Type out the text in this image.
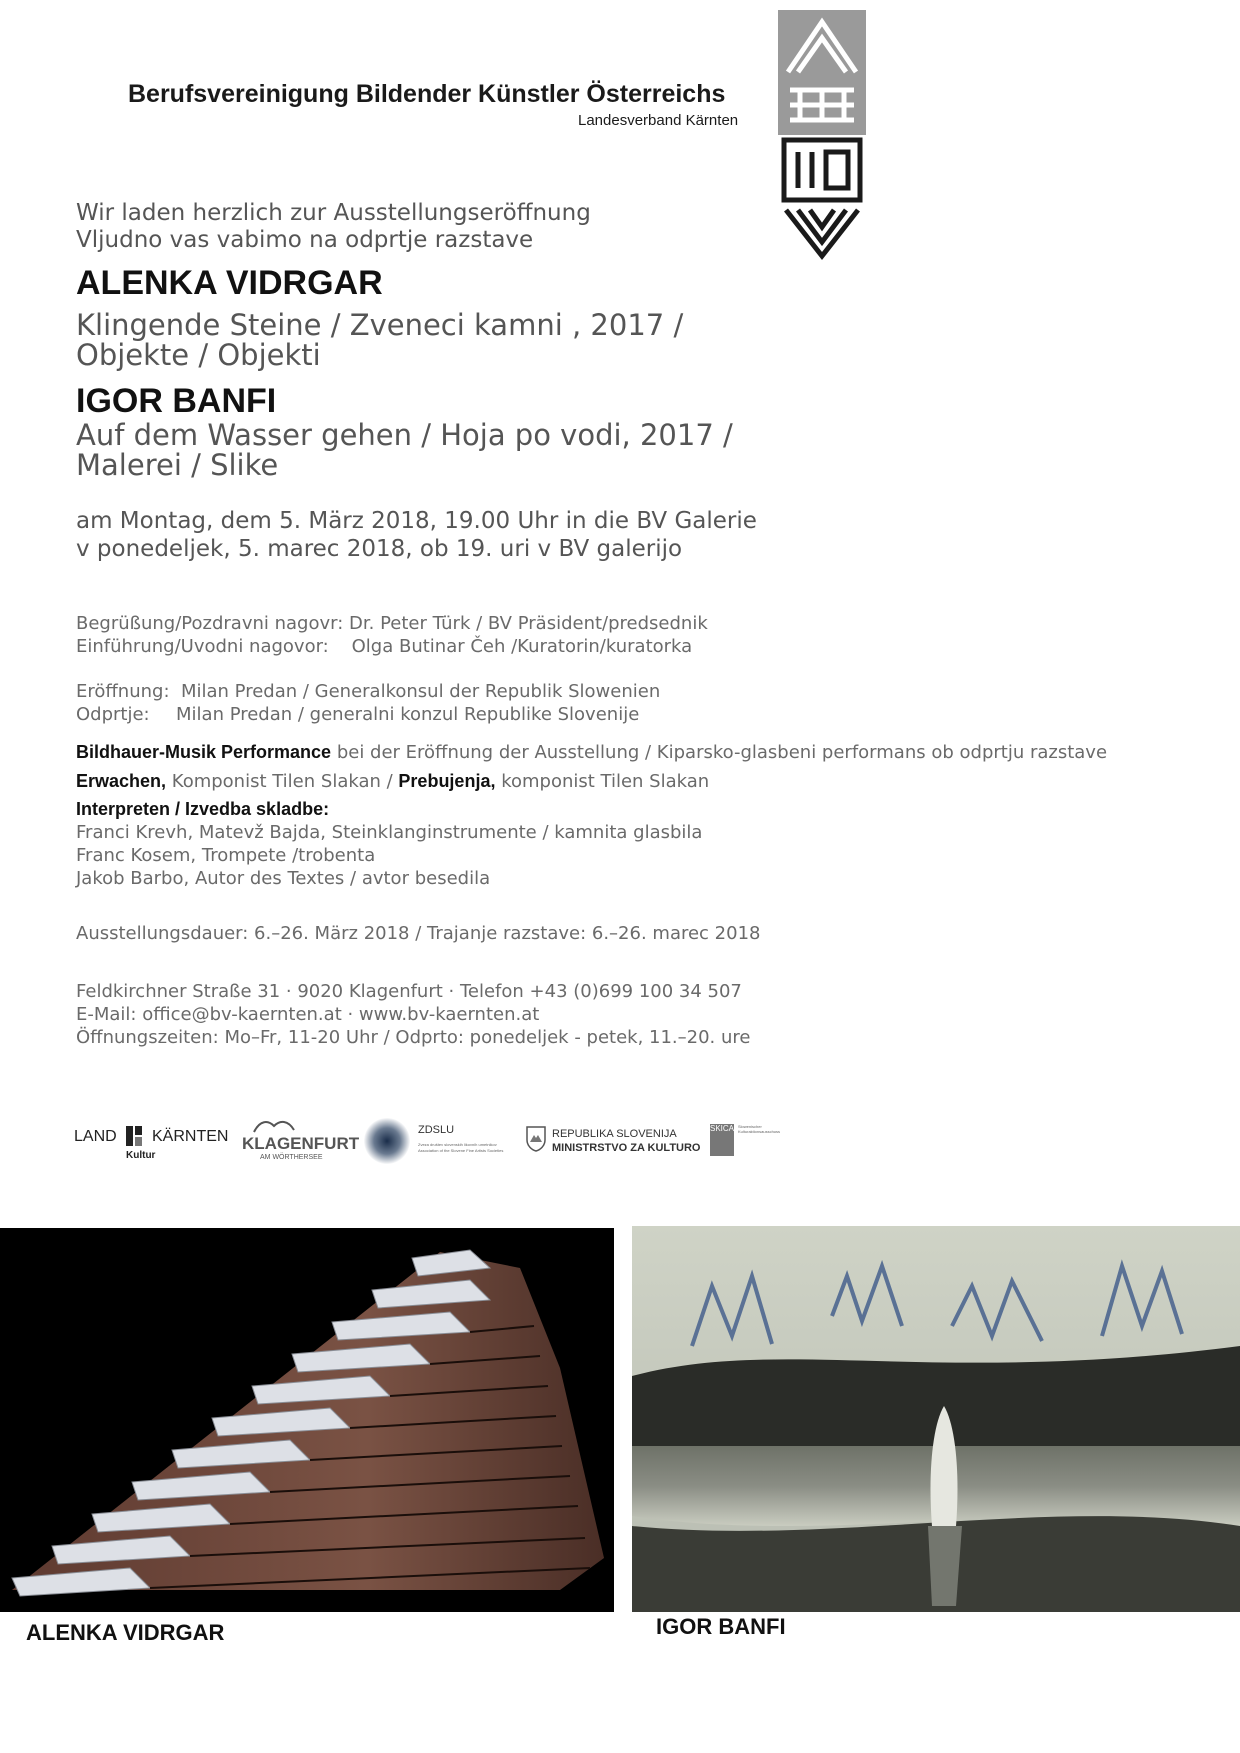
Berufsvereinigung Bildender Künstler Österreichs
Landesverband Kärnten
Wir laden herzlich zur Ausstellungseröffnung
Vljudno vas vabimo na odprtje razstave
ALENKA VIDRGAR
Klingende Steine / Zveneci kamni , 2017 /
Objekte / Objekti
IGOR BANFI
Auf dem Wasser gehen / Hoja po vodi, 2017 /
Malerei / Slike
am Montag, dem 5. März 2018, 19.00 Uhr in die BV Galerie
v ponedeljek, 5. marec 2018, ob 19. uri v BV galerijo
Begrüßung/Pozdravni nagovr: Dr. Peter Türk / BV Präsident/predsednik
Einführung/Uvodni nagovor: Olga Butinar Čeh /Kuratorin/kuratorka
Eröffnung: Milan Predan / Generalkonsul der Republik Slowenien
Odprtje: Milan Predan / generalni konzul Republike Slovenije
Bildhauer-Musik Performance bei der Eröffnung der Ausstellung / Kiparsko-glasbeni performans ob odprtju razstave
Erwachen, Komponist Tilen Slakan / Prebujenja, komponist Tilen Slakan
Interpreten / Izvedba skladbe:
Franci Krevh, Matevž Bajda, Steinklanginstrumente / kamnita glasbila
Franc Kosem, Trompete /trobenta
Jakob Barbo, Autor des Textes / avtor besedila
Ausstellungsdauer: 6.–26. März 2018 / Trajanje razstave: 6.–26. marec 2018
Feldkirchner Straße 31 · 9020 Klagenfurt · Telefon +43 (0)699 100 34 507
E-Mail: office@bv-kaernten.at · www.bv-kaernten.at
Öffnungszeiten: Mo–Fr, 11-20 Uhr / Odprto: ponedeljek - petek, 11.–20. ure
LAND KÄRNTEN
Kultur
KLAGENFURT
AM WÖRTHERSEE
ZDSLU
Zveza društev slovenskih likovnih umetnikov
Association of the Slovene Fine Artists Societies
REPUBLIKA SLOVENIJA
MINISTRSTVO ZA KULTURO
SKICA Slowenischer Kulturaktionsausschuss
ALENKA VIDRGAR	IGOR BANFI
